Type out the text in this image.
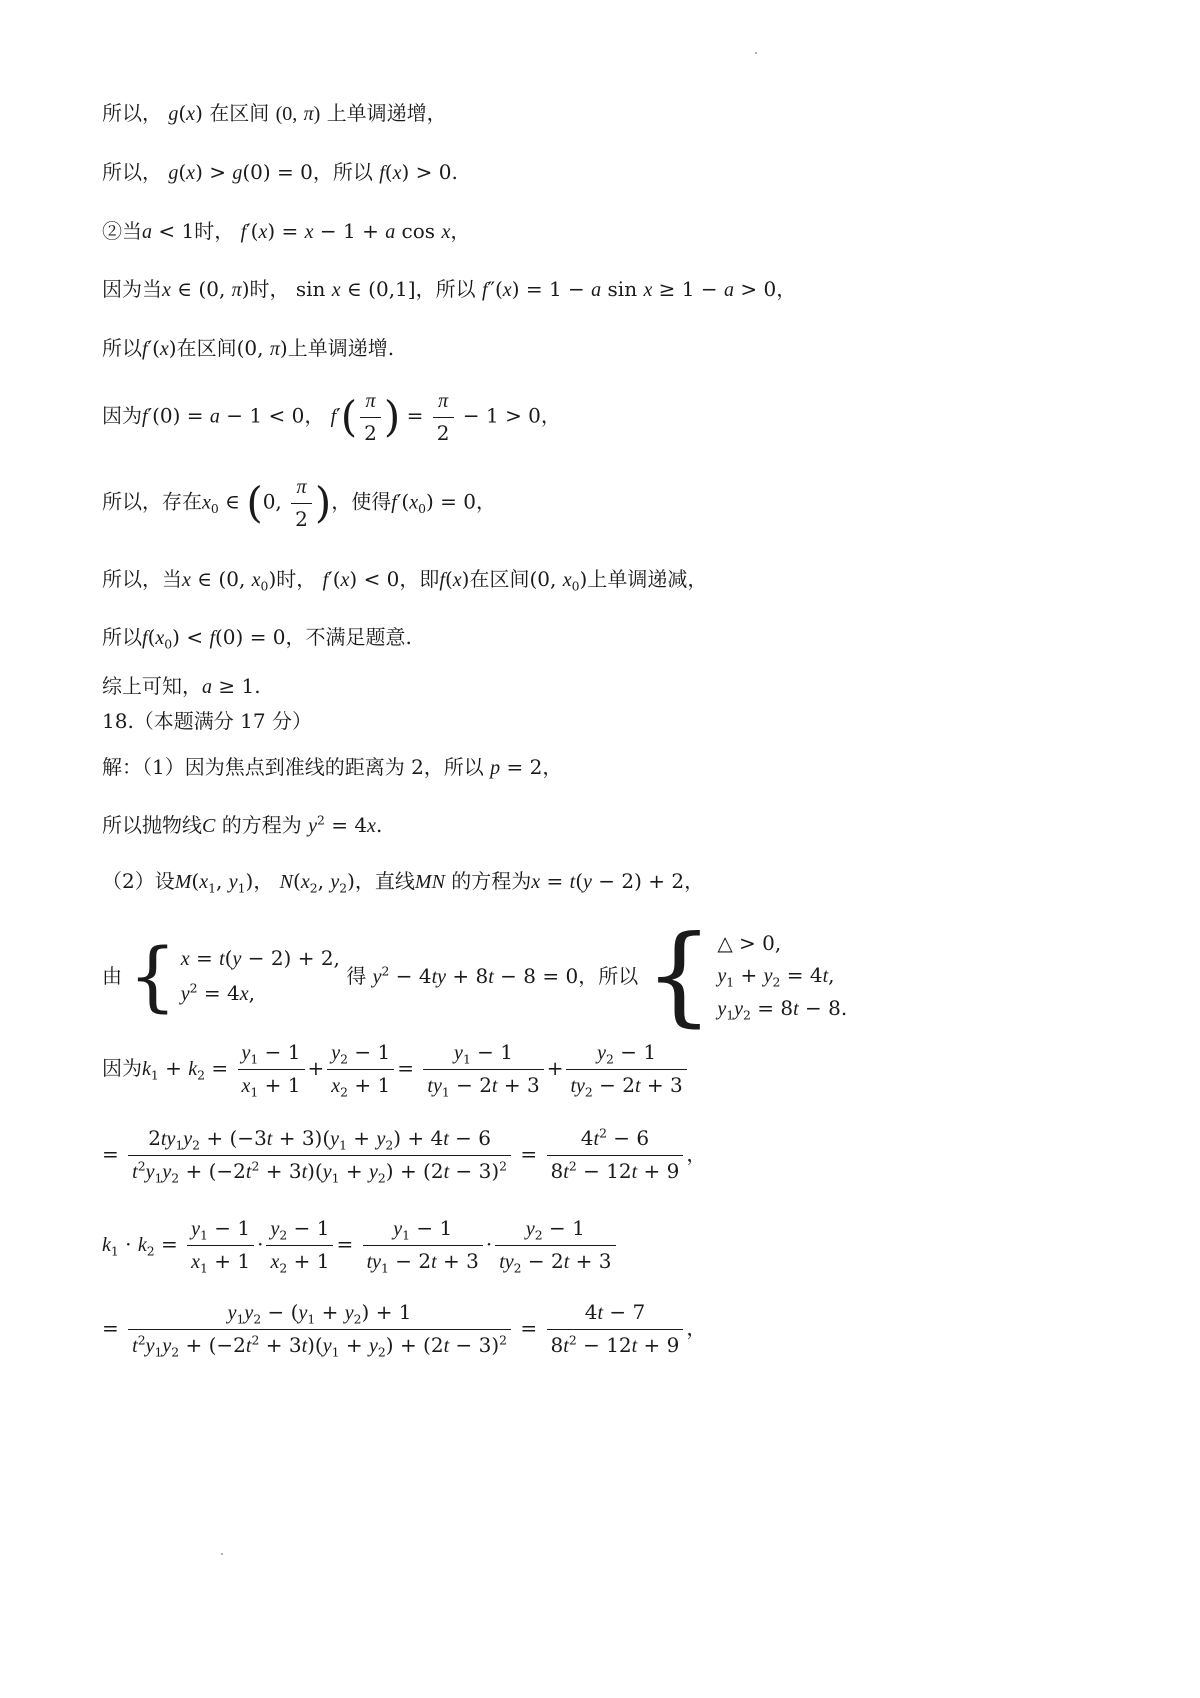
所以， g(x) 在区间 (0, π) 上单调递增，
所以， g(x) > g(0) = 0，所以 f(x) > 0.
②当a < 1时， f′(x) = x − 1 + a cos x，
因为当x ∈ (0, π)时， sin x ∈ (0,1]，所以 f″(x) = 1 − a sin x ≥ 1 − a > 0，
所以f′(x)在区间(0, π)上单调递增.
因为f′(0) = a − 1 < 0， $f'( \frac{\pi}{2}$ ) = $\frac{\pi}{2} - 1 > 0$，
所以，存在$x_0$ ∈ (0, $\frac{\pi}{2}$ )，使得$f'(x_0) = 0$，
所以，当x ∈ (0, $x_0$)时， f′(x) < 0，即f(x)在区间(0, $x_0$)上单调递减，
所以$f(x_0) < f(0) = 0$，不满足题意.
综上可知，a ≥ 1.
18.（本题满分 17 分）
解：（1）因为焦点到准线的距离为 2，所以 p = 2，
所以抛物线C 的方程为 $y^2 = 4x$.
（2）设$M(x_1$, $y_1$)， $N(x_2$, $y_2$)，直线MN 的方程为x = t(y − 2) + 2，
由 { x = t(y − 2) + 2,
$y^2 = 4x$,
得 $y^2 - 4ty + 8t - 8 = 0$，所以 { △ > 0,
$y_1 + y_2 = 4t$,
$y_1y_2 = 8t - 8$.
因为$k_1 + k_2 = \frac{y_1 - 1}{x_1 + 1} + \frac{y_2 - 1}{x_2 + 1} = \frac{y_1 - 1}{ty_1 - 2t + 3} + \frac{y_2 - 1}{ty_2 - 2t + 3}$
= $\frac{2ty_1y_2 + (-3t + 3)(y_1 + y_2) + 4t - 6}{t^2y_1y_2 + (-2t^2 + 3t)(y_1 + y_2) + (2t - 3)^2} = \frac{4t^2 - 6}{8t^2 - 12t + 9}$ ，
$k_1 \cdot k_2 = \frac{y_1 - 1}{x_1 + 1} \cdot \frac{y_2 - 1}{x_2 + 1} = \frac{y_1 - 1}{ty_1 - 2t + 3} \cdot \frac{y_2 - 1}{ty_2 - 2t + 3}$
= $\frac{y_1y_2 - (y_1 + y_2) + 1}{t^2y_1y_2 + (-2t^2 + 3t)(y_1 + y_2) + (2t - 3)^2} = \frac{4t - 7}{8t^2 - 12t + 9}$ ，
